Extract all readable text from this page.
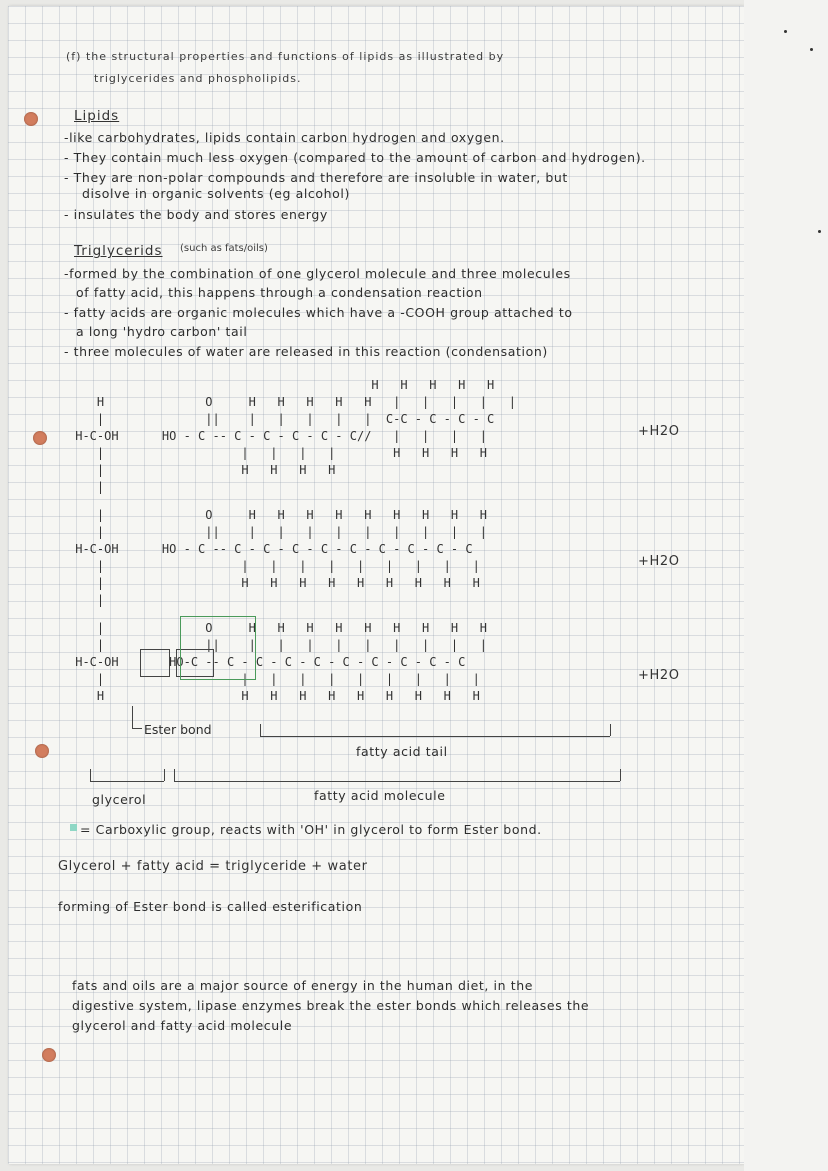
(f) the structural properties and functions of lipids as illustrated by
triglycerides and phospholipids.
Lipids
-like carbohydrates, lipids contain carbon hydrogen and oxygen.
- They contain much less oxygen (compared to the amount of carbon and hydrogen).
- They are non-polar compounds and therefore are insoluble in water, but
disolve in organic solvents (eg alcohol)
- insulates the body and stores energy
Triglycerids (such as fats/oils)
-formed by the combination of one glycerol molecule and three molecules
of fatty acid, this happens through a condensation reaction
- fatty acids are organic molecules which have a -COOH group attached to
a long 'hydro carbon' tail
- three molecules of water are released in this reaction (condensation)
H   H   H   H   H
H              O     H   H   H   H   H   |   |   |   |   |
|              ||    |   |   |   |   |  C-C - C - C - C
H-C-OH      HO - C -- C - C - C - C - C//   |   |   |   |
|                   |   |   |   |        H   H   H   H
|                   H   H   H   H
|
|              O     H   H   H   H   H   H   H   H   H
|              ||    |   |   |   |   |   |   |   |   |
H-C-OH      HO - C -- C - C - C - C - C - C - C - C - C
|                   |   |   |   |   |   |   |   |   |
|                   H   H   H   H   H   H   H   H   H
|
|              O     H   H   H   H   H   H   H   H   H
|              ||    |   |   |   |   |   |   |   |   |
H-C-OH       HO-C -- C - C - C - C - C - C - C - C - C
|                   |   |   |   |   |   |   |   |   |
H                   H   H   H   H   H   H   H   H   H
+H2O
+H2O
+H2O
Ester bond
fatty acid tail
glycerol	fatty acid molecule
= Carboxylic group, reacts with 'OH' in glycerol to form Ester bond.
Glycerol + fatty acid = triglyceride + water
forming of Ester bond is called esterification
fats and oils are a major source of energy in the human diet, in the
digestive system, lipase enzymes break the ester bonds which releases the
glycerol and fatty acid molecule
